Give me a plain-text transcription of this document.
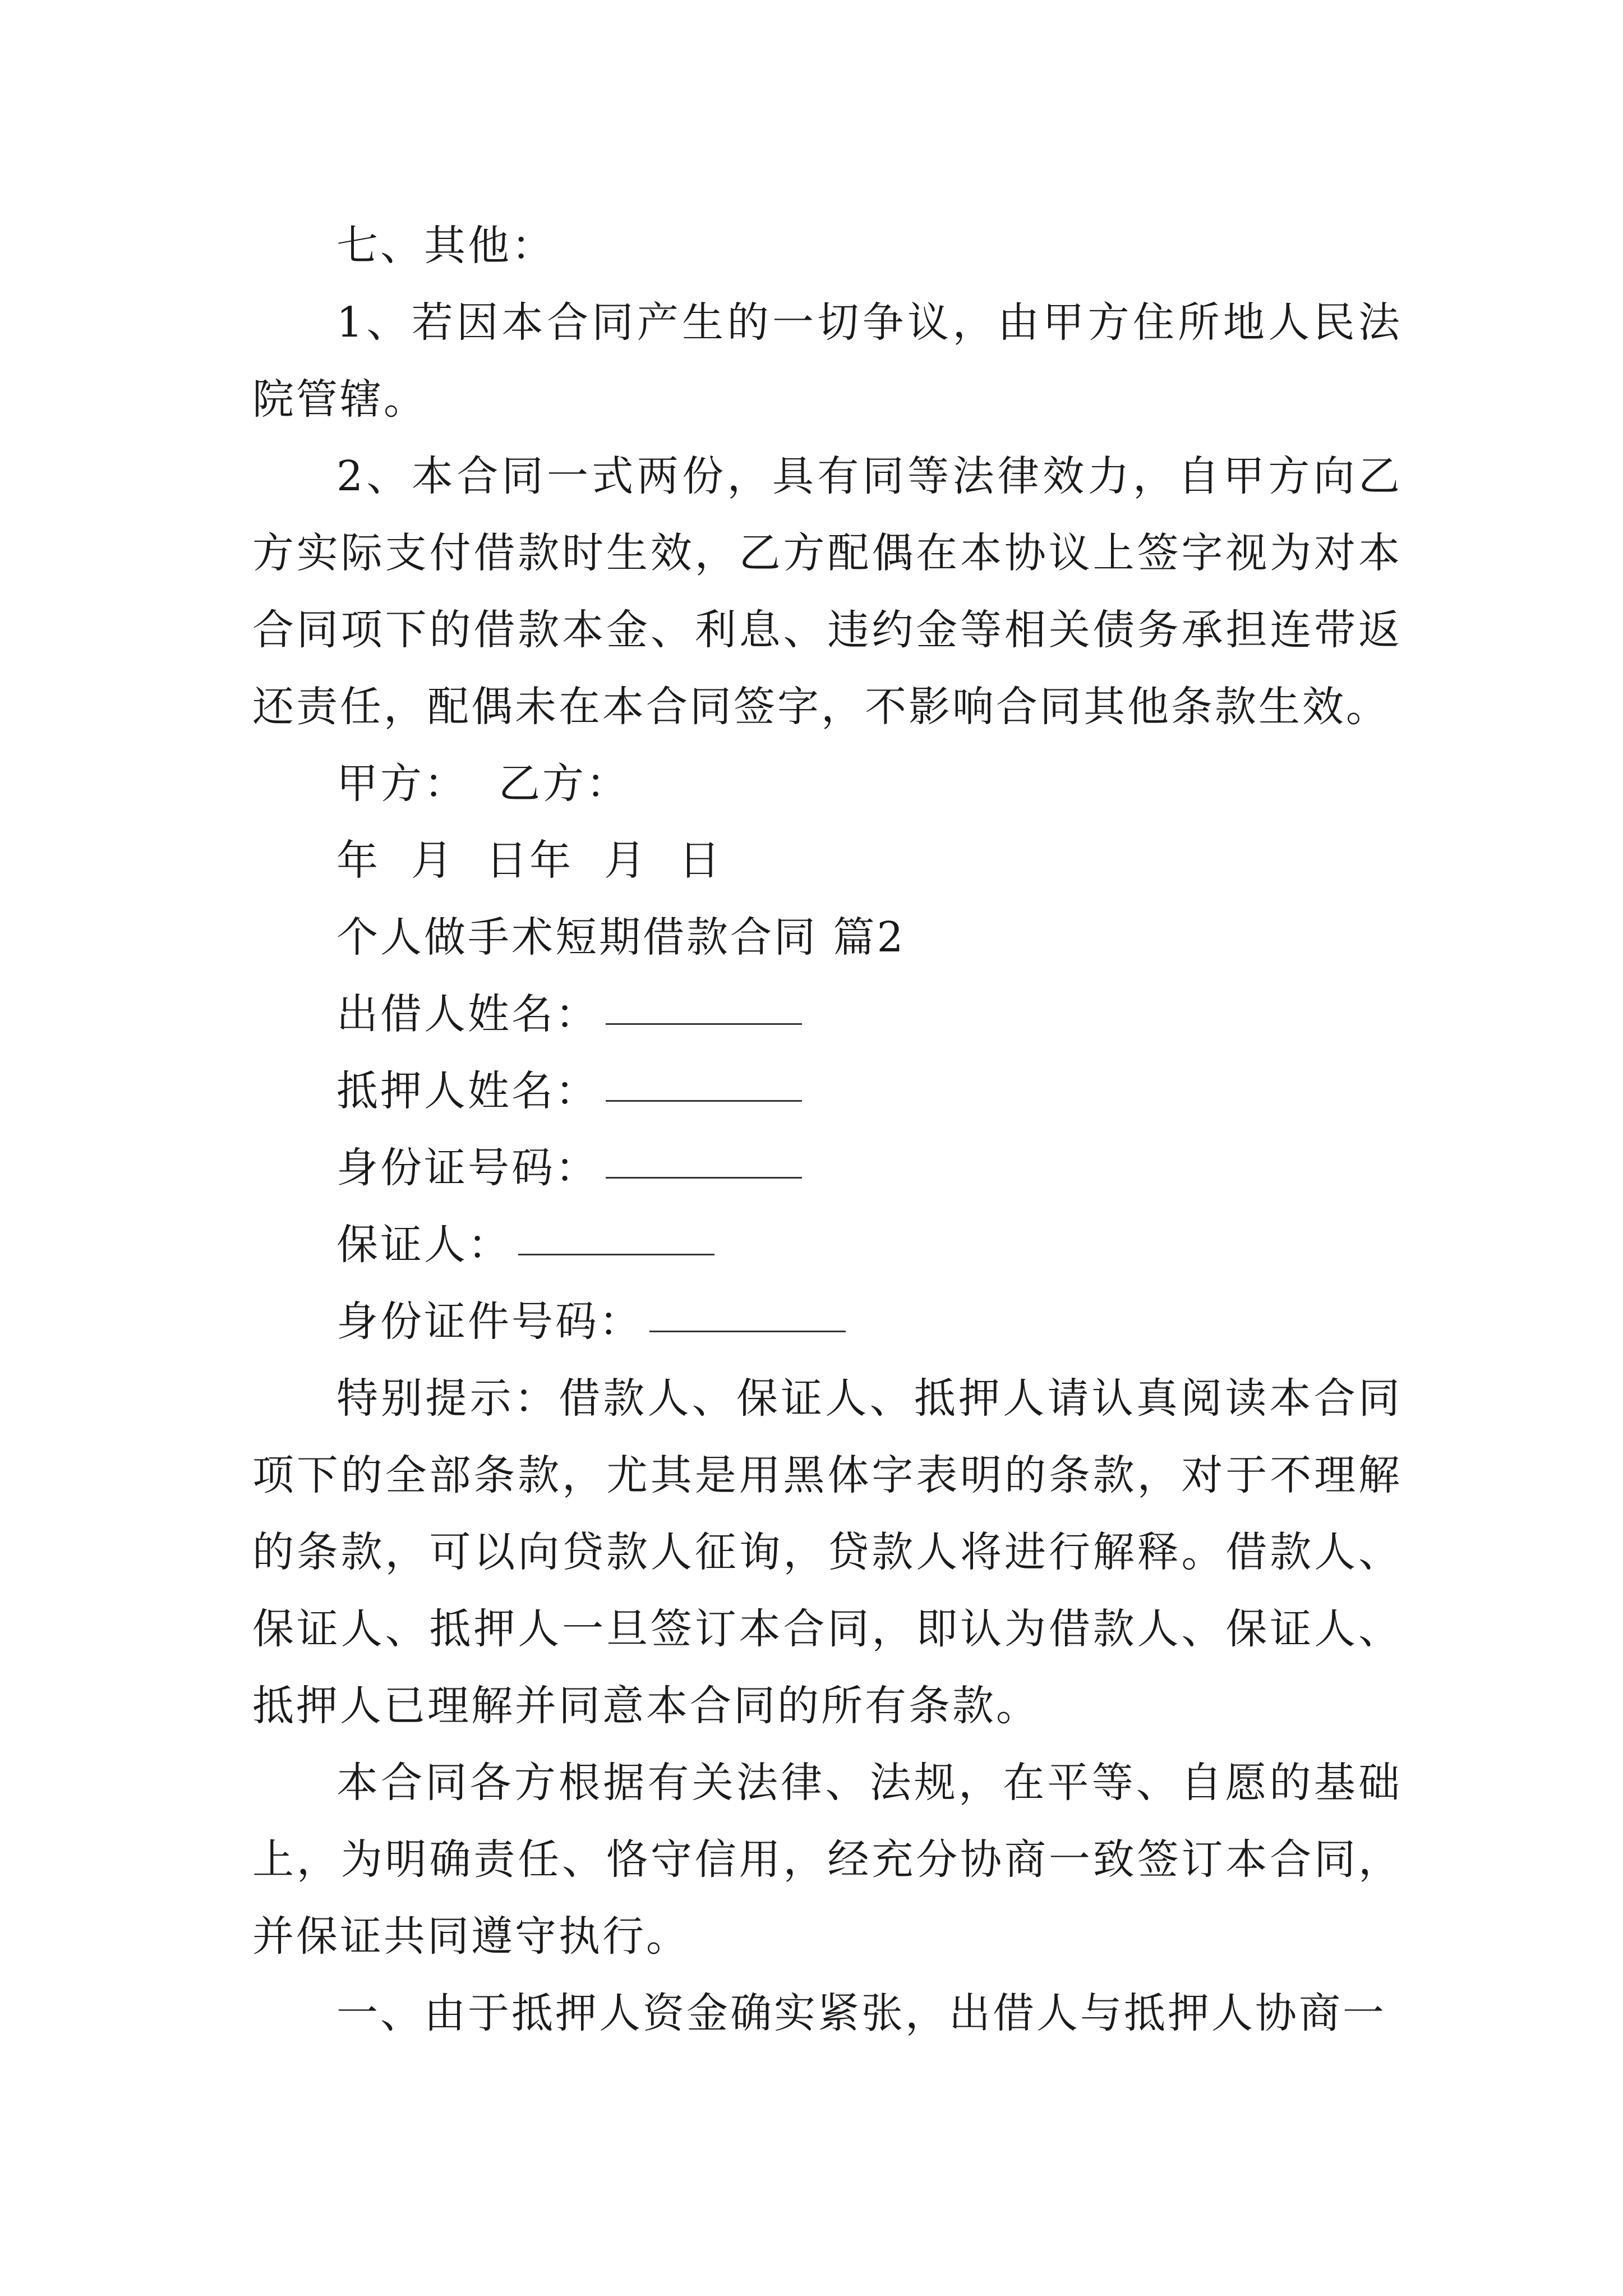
七、其他：

1、若因本合同产生的一切争议，由甲方住所地人民法院管辖。

2、本合同一式两份，具有同等法律效力，自甲方向乙方实际支付借款时生效，乙方配偶在本协议上签字视为对本合同项下的借款本金、利息、违约金等相关债务承担连带返还责任，配偶未在本合同签字，不影响合同其他条款生效。

甲方：  乙方：

年  月  日年  月  日

个人做手术短期借款合同 篇2

出借人姓名：
抵押人姓名：
身份证号码：
保证人：
身份证件号码：

特别提示：借款人、保证人、抵押人请认真阅读本合同项下的全部条款，尤其是用黑体字表明的条款，对于不理解的条款，可以向贷款人征询，贷款人将进行解释。借款人、保证人、抵押人一旦签订本合同，即认为借款人、保证人、抵押人已理解并同意本合同的所有条款。

本合同各方根据有关法律、法规，在平等、自愿的基础上，为明确责任、恪守信用，经充分协商一致签订本合同，并保证共同遵守执行。

一、由于抵押人资金确实紧张，出借人与抵押人协商一
